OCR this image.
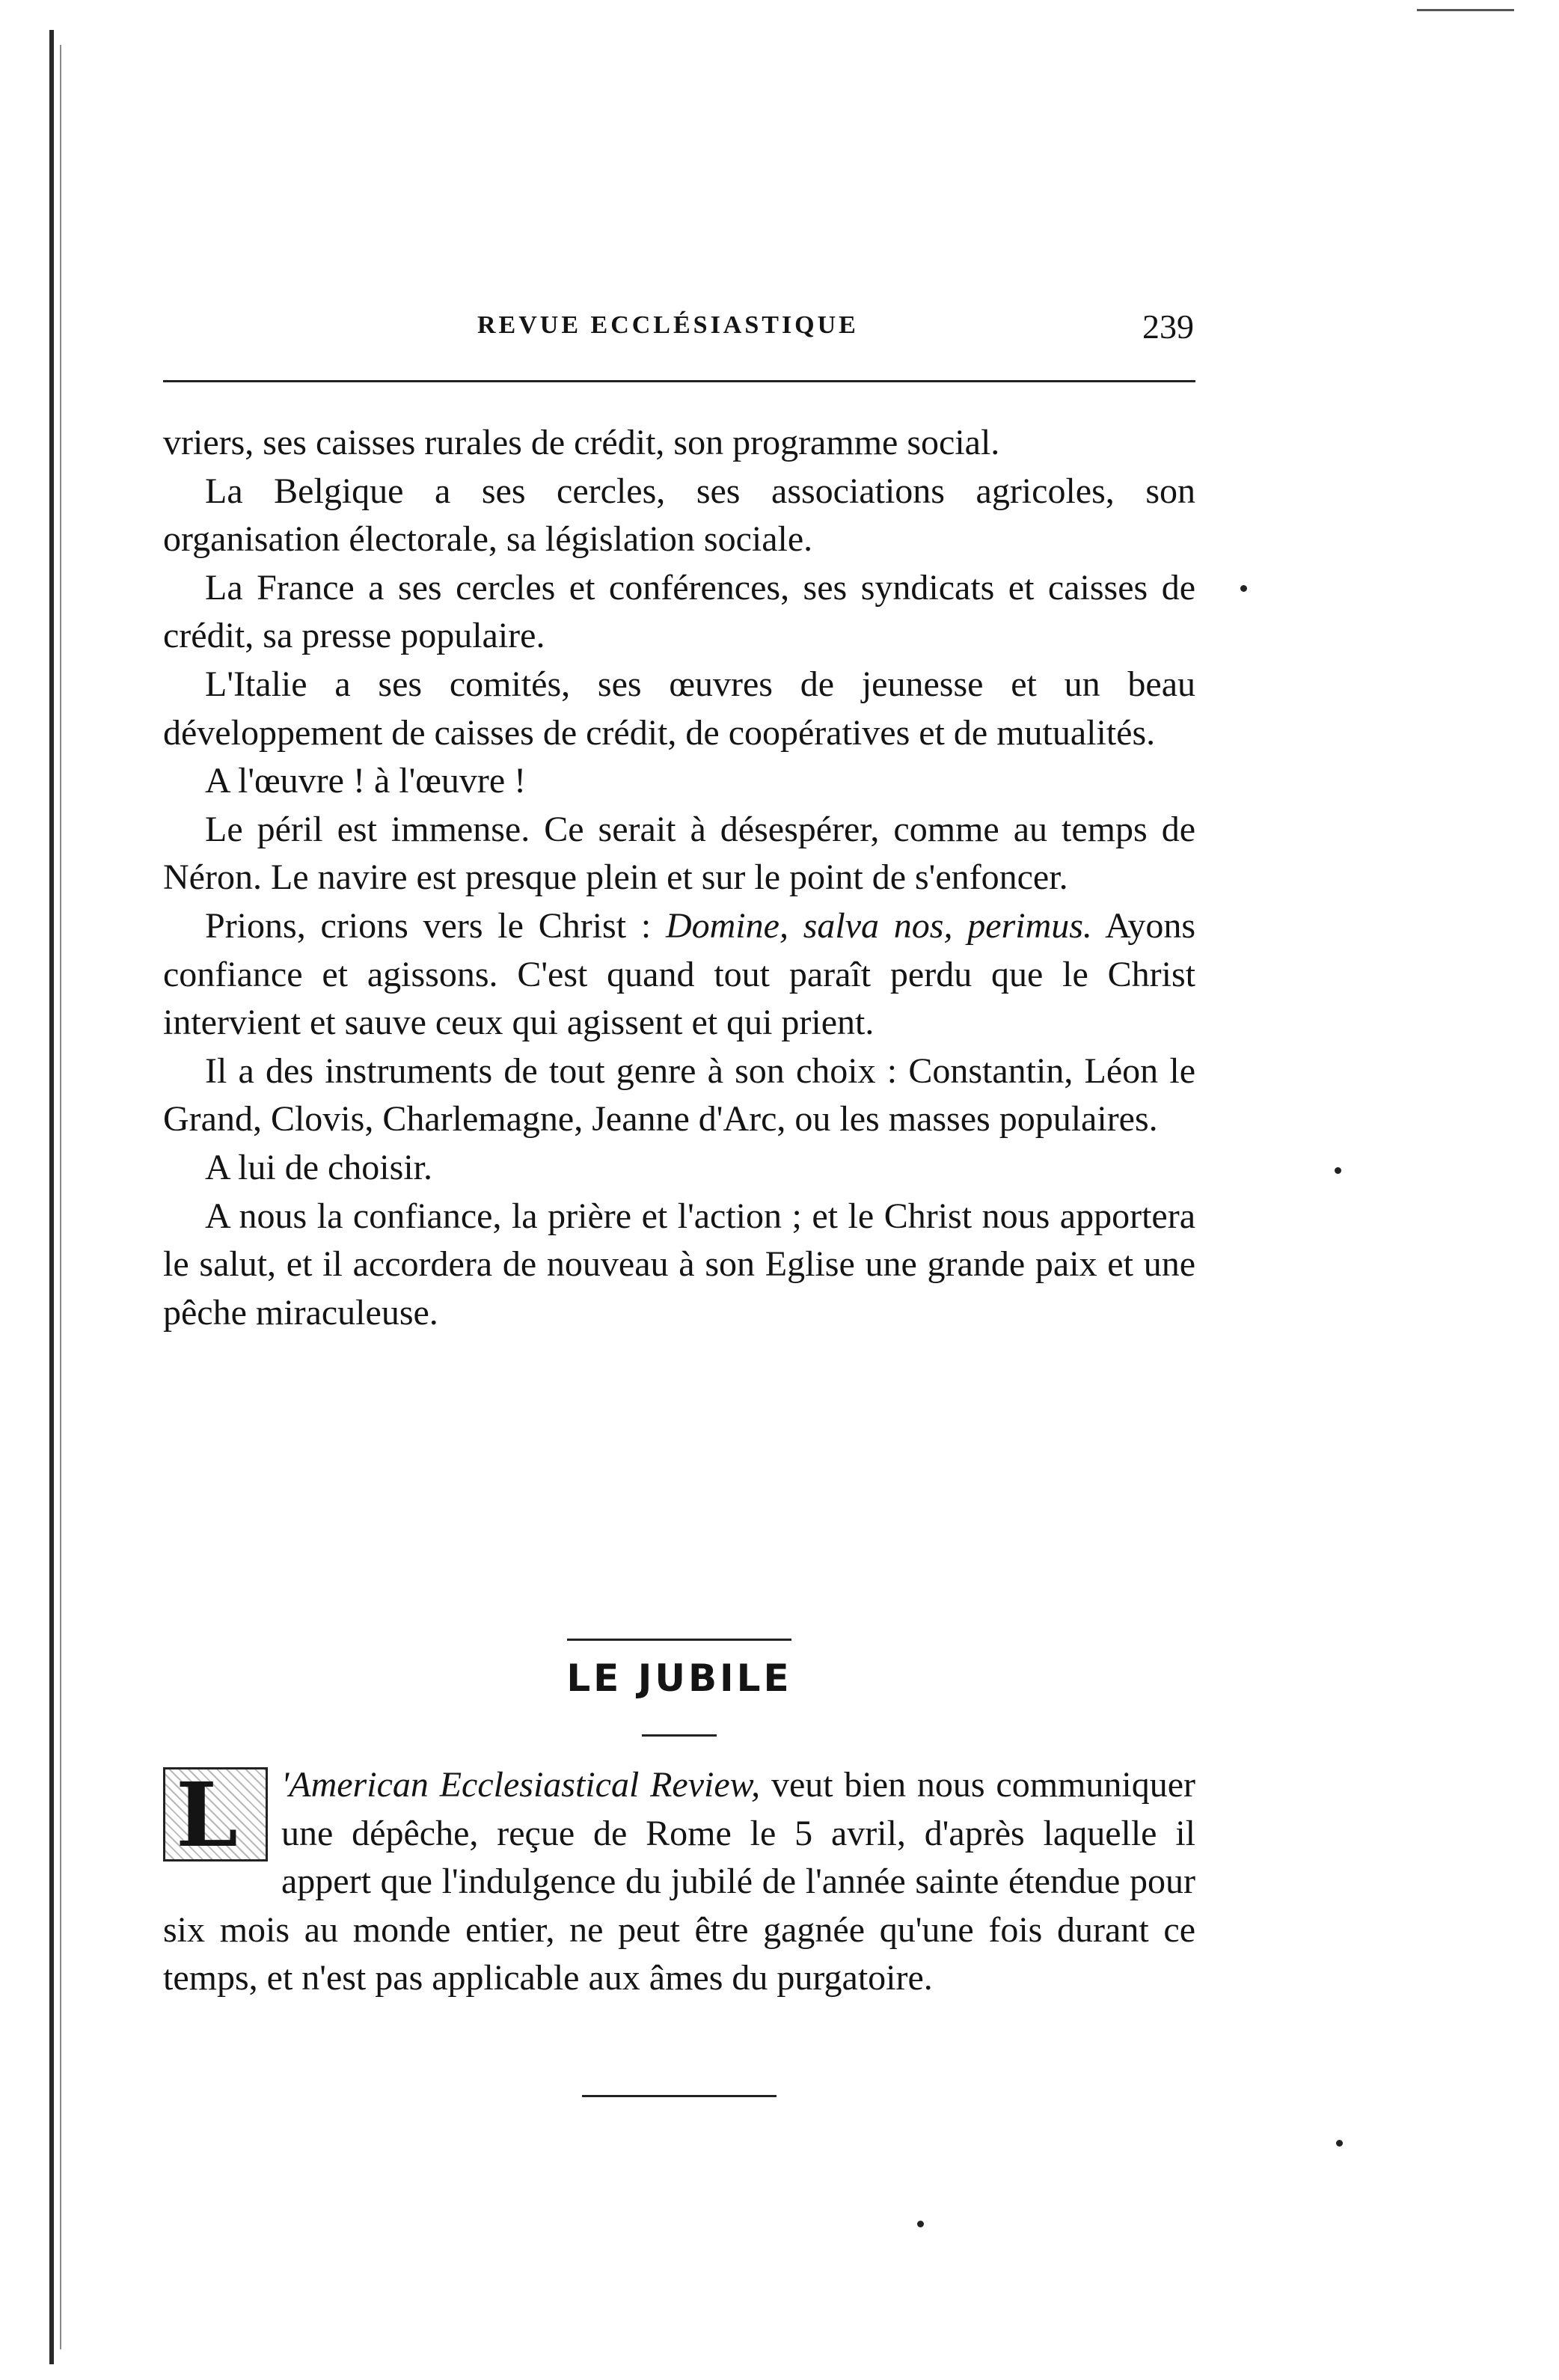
REVUE ECCLÉSIASTIQUE	239

vriers, ses caisses rurales de crédit, son programme social.

La Belgique a ses cercles, ses associations agricoles, son organisation électorale, sa législation sociale.

La France a ses cercles et conférences, ses syndicats et caisses de crédit, sa presse populaire.

L'Italie a ses comités, ses œuvres de jeunesse et un beau développement de caisses de crédit, de coopératives et de mutualités.

A l'œuvre ! à l'œuvre !

Le péril est immense. Ce serait à désespérer, comme au temps de Néron. Le navire est presque plein et sur le point de s'enfoncer.

Prions, crions vers le Christ : Domine, salva nos, perimus. Ayons confiance et agissons. C'est quand tout paraît perdu que le Christ intervient et sauve ceux qui agissent et qui prient.

Il a des instruments de tout genre à son choix : Constantin, Léon le Grand, Clovis, Charlemagne, Jeanne d'Arc, ou les masses populaires.

A lui de choisir.

A nous la confiance, la prière et l'action ; et le Christ nous apportera le salut, et il accordera de nouveau à son Eglise une grande paix et une pêche miraculeuse.

LE JUBILE
L	'American Ecclesiastical Review, veut bien nous communiquer une dépêche, reçue de Rome le 5 avril, d'après laquelle il appert que l'indulgence du jubilé de l'année sainte étendue pour six mois au monde entier, ne peut être gagnée qu'une fois durant ce temps, et n'est pas applicable aux âmes du purgatoire.
